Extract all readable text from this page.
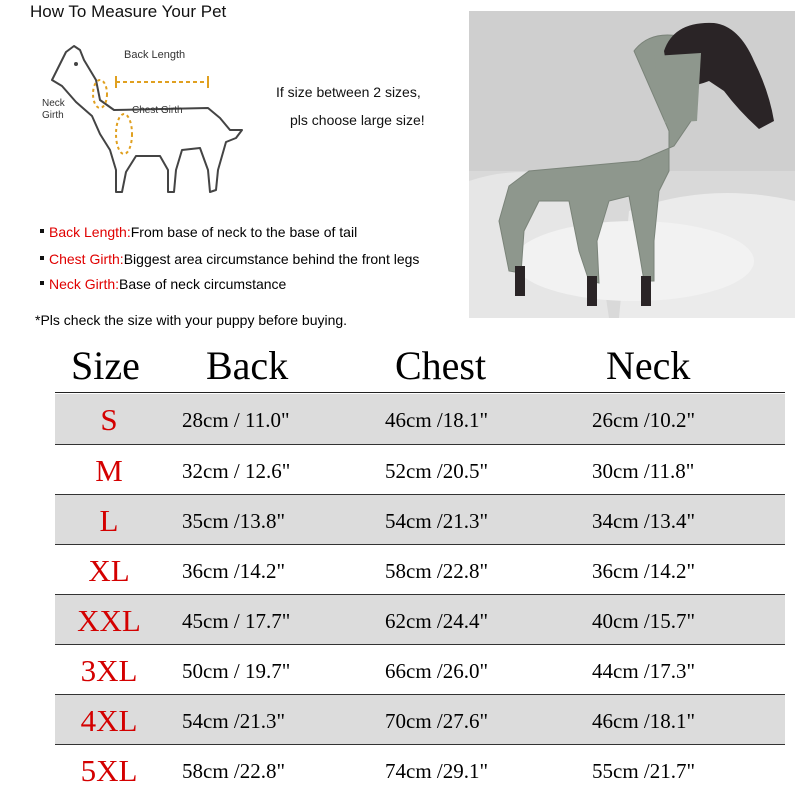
How To Measure Your Pet
Back Length
Neck
Girth	Chest Girth
If size between 2 sizes,
pls choose large size!
Back Length:From base of neck to the base of tail
Chest Girth:Biggest area circumstance behind the front legs
Neck Girth:Base of neck circumstance
*Pls check the size with your puppy before buying.
Size Back	Chest	Neck
S	28cm / 11.0"	46cm /18.1"	26cm /10.2"
M	32cm / 12.6"	52cm /20.5"	30cm /11.8"
L	35cm /13.8"	54cm /21.3"	34cm /13.4"
XL	36cm /14.2"	58cm /22.8"	36cm /14.2"
XXL	45cm / 17.7"	62cm /24.4"	40cm /15.7"
3XL	50cm / 19.7"	66cm /26.0"	44cm /17.3"
4XL	54cm /21.3"	70cm /27.6"	46cm /18.1"
5XL	58cm /22.8"	74cm /29.1"	55cm /21.7"
